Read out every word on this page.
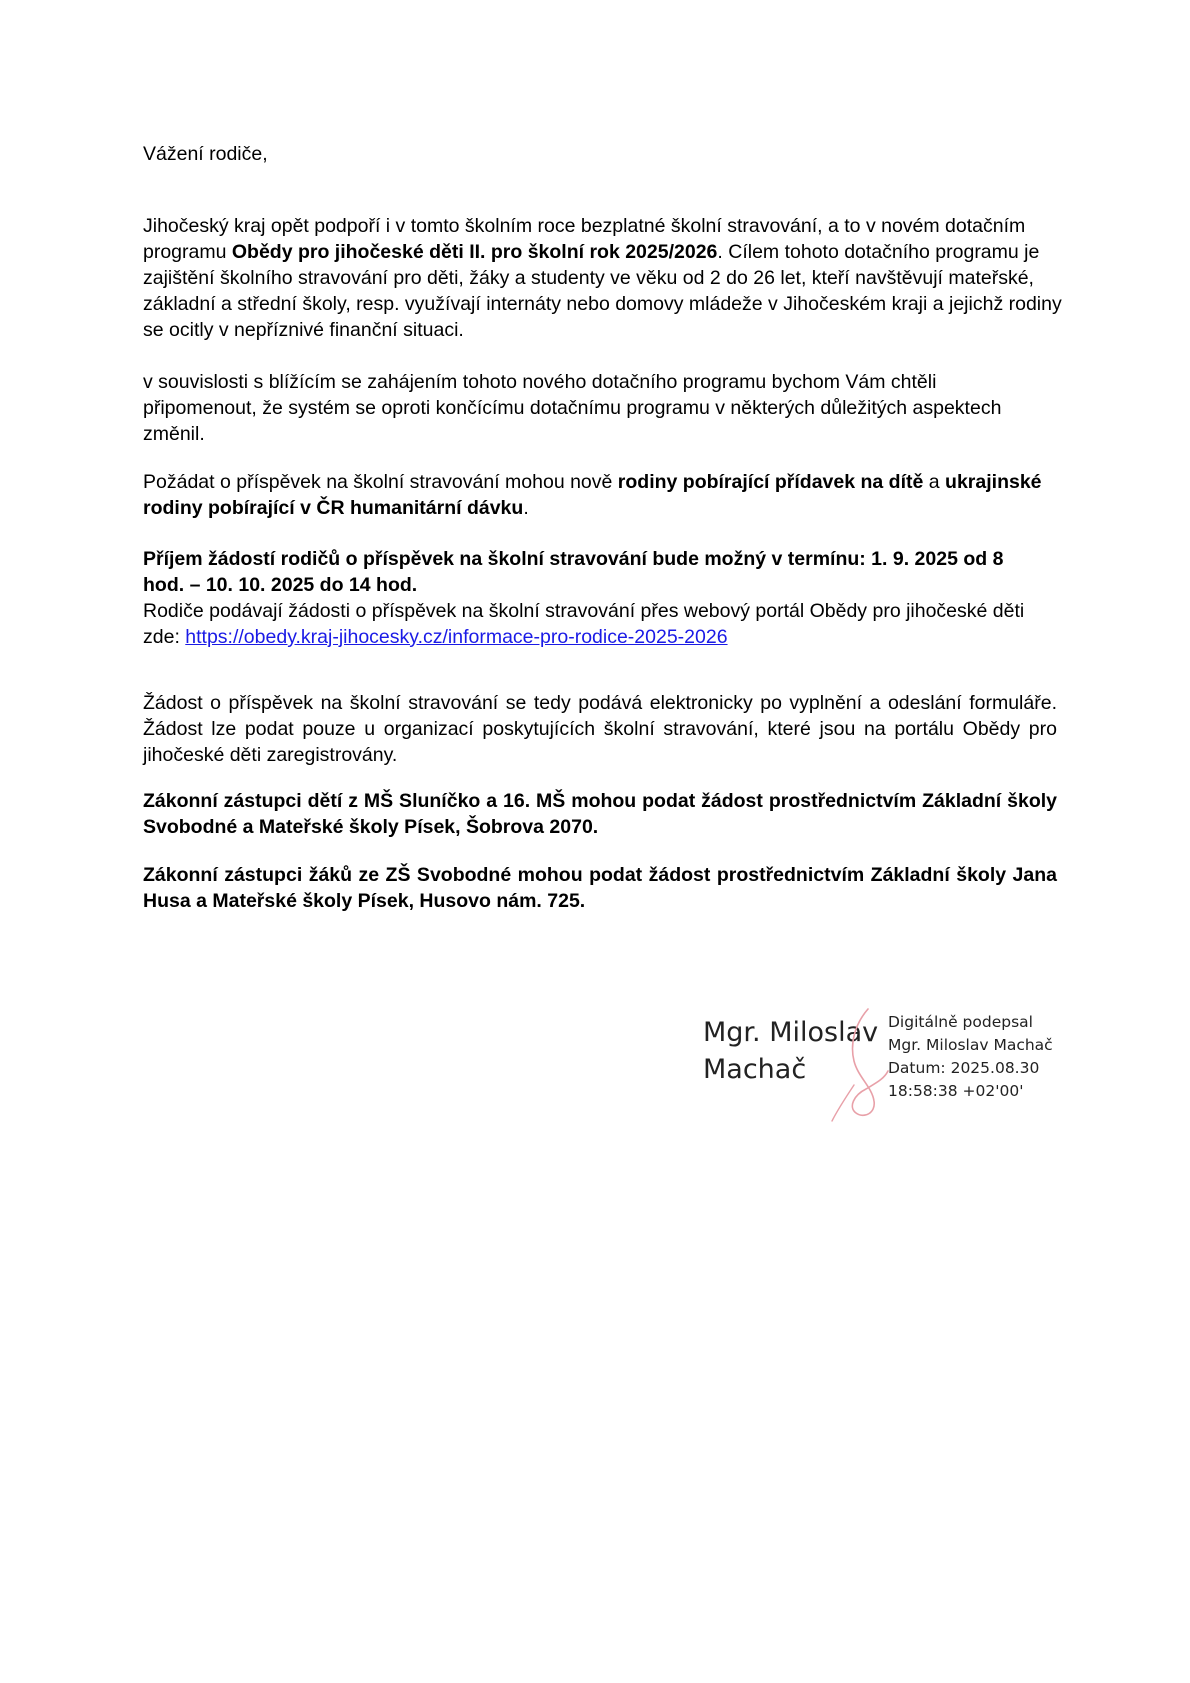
Vážení rodiče,

Jihočeský kraj opět podpoří i v tomto školním roce bezplatné školní stravování, a to v novém dotačním programu Obědy pro jihočeské děti II. pro školní rok 2025/2026. Cílem tohoto dotačního programu je zajištění školního stravování pro děti, žáky a studenty ve věku od 2 do 26 let, kteří navštěvují mateřské, základní a střední školy, resp. využívají internáty nebo domovy mládeže v Jihočeském kraji a jejichž rodiny se ocitly v nepříznivé finanční situaci.

v souvislosti s blížícím se zahájením tohoto nového dotačního programu bychom Vám chtěli připomenout, že systém se oproti končícímu dotačnímu programu v některých důležitých aspektech změnil.

Požádat o příspěvek na školní stravování mohou nově rodiny pobírající přídavek na dítě a ukrajinské rodiny pobírající v ČR humanitární dávku.

Příjem žádostí rodičů o příspěvek na školní stravování bude možný v termínu: 1. 9. 2025 od 8 hod. – 10. 10. 2025 do 14 hod.
Rodiče podávají žádosti o příspěvek na školní stravování přes webový portál Obědy pro jihočeské děti zde: https://obedy.kraj-jihocesky.cz/informace-pro-rodice-2025-2026

Žádost o příspěvek na školní stravování se tedy podává elektronicky po vyplnění a odeslání formuláře. Žádost lze podat pouze u organizací poskytujících školní stravování, které jsou na portálu Obědy pro jihočeské děti zaregistrovány.

Zákonní zástupci dětí z MŠ Sluníčko a 16. MŠ mohou podat žádost prostřednictvím Základní školy Svobodné a Mateřské školy Písek, Šobrova 2070.

Zákonní zástupci žáků ze ZŠ Svobodné mohou podat žádost prostřednictvím Základní školy Jana Husa a Mateřské školy Písek, Husovo nám. 725.

Mgr. Miloslav
Machač
Digitálně podepsal
Mgr. Miloslav Machač
Datum: 2025.08.30
18:58:38 +02'00'
